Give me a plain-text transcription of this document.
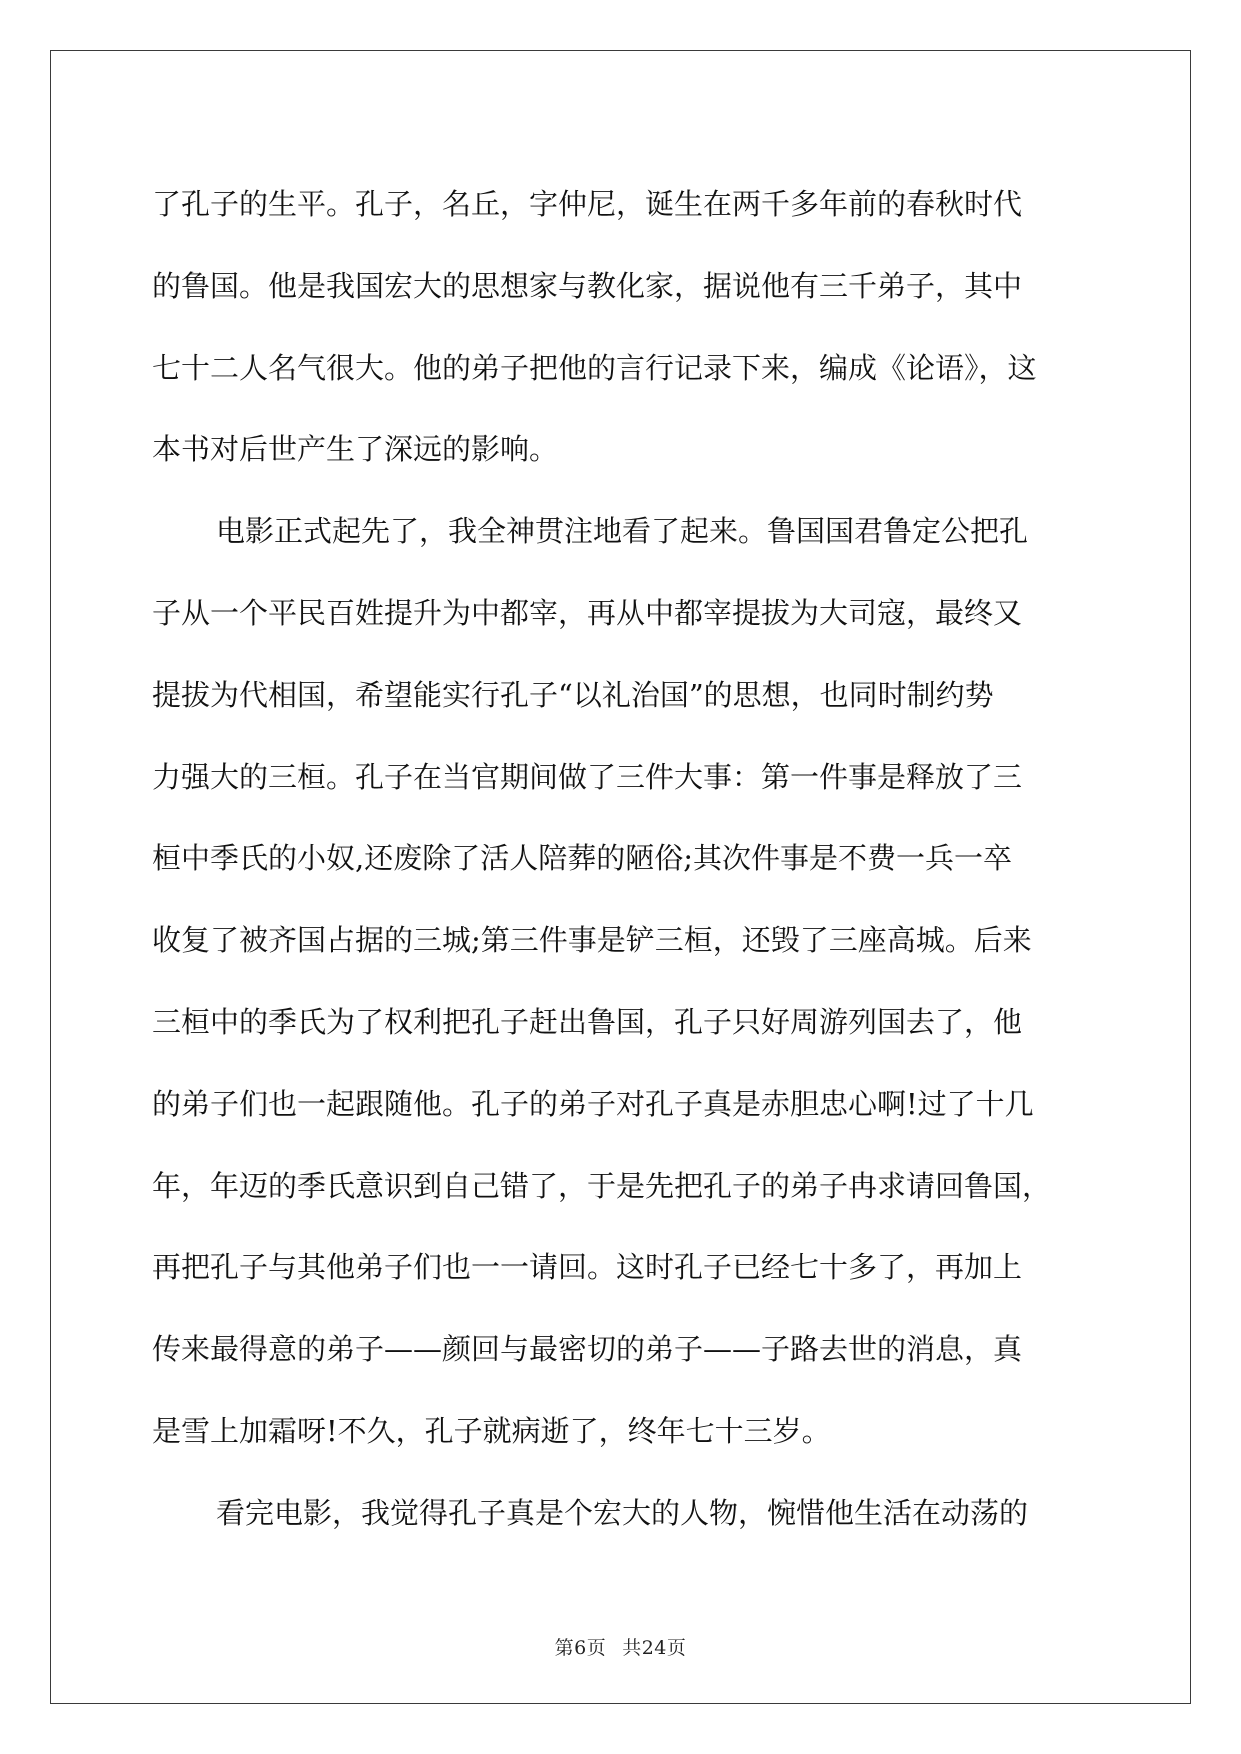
了孔子的生平。孔子，名丘，字仲尼，诞生在两千多年前的春秋时代
的鲁国。他是我国宏大的思想家与教化家，据说他有三千弟子，其中
七十二人名气很大。他的弟子把他的言行记录下来，编成《论语》，这
本书对后世产生了深远的影响。
电影正式起先了，我全神贯注地看了起来。鲁国国君鲁定公把孔
子从一个平民百姓提升为中都宰，再从中都宰提拔为大司寇，最终又
提拔为代相国，希望能实行孔子“以礼治国”的思想，也同时制约势
力强大的三桓。孔子在当官期间做了三件大事：第一件事是释放了三
桓中季氏的小奴,还废除了活人陪葬的陋俗;其次件事是不费一兵一卒
收复了被齐国占据的三城;第三件事是铲三桓，还毁了三座高城。后来
三桓中的季氏为了权利把孔子赶出鲁国，孔子只好周游列国去了，他
的弟子们也一起跟随他。孔子的弟子对孔子真是赤胆忠心啊!过了十几
年，年迈的季氏意识到自己错了，于是先把孔子的弟子冉求请回鲁国，
再把孔子与其他弟子们也一一请回。这时孔子已经七十多了，再加上
传来最得意的弟子——颜回与最密切的弟子——子路去世的消息，真
是雪上加霜呀!不久，孔子就病逝了，终年七十三岁。
看完电影，我觉得孔子真是个宏大的人物，惋惜他生活在动荡的
第6页 共24页
